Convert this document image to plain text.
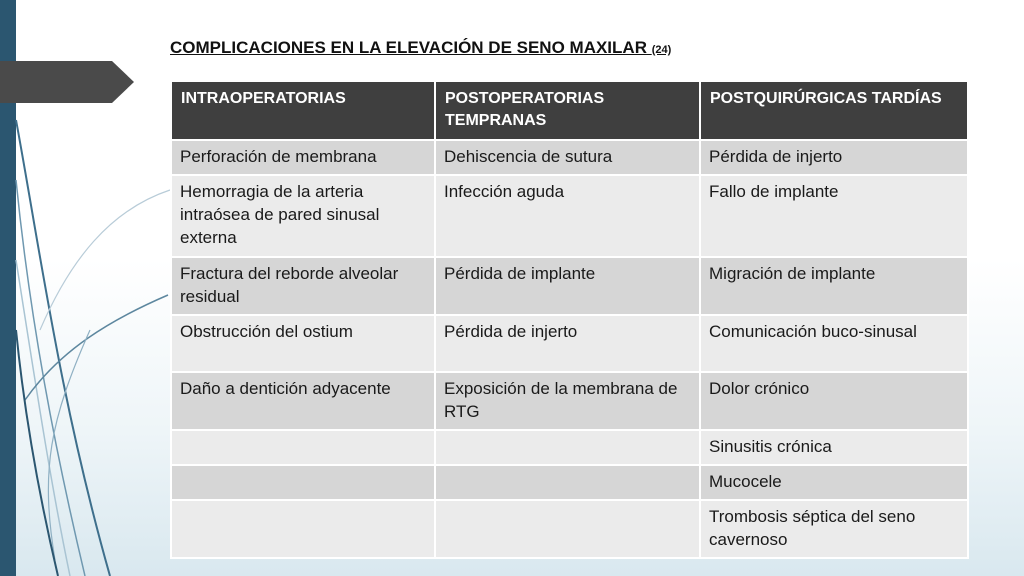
COMPLICACIONES EN LA ELEVACIÓN DE SENO MAXILAR (24)
INTRAOPERATORIAS	POSTOPERATORIAS TEMPRANAS	POSTQUIRÚRGICAS TARDÍAS
Perforación de membrana	Dehiscencia de sutura	Pérdida de injerto
Hemorragia de la arteria intraósea de pared sinusal externa	Infección aguda	Fallo de implante
Fractura del reborde alveolar residual	Pérdida de implante	Migración de implante
Obstrucción del ostium	Pérdida de injerto	Comunicación buco-sinusal
Daño a dentición adyacente	Exposición de la membrana de RTG	Dolor crónico
		Sinusitis crónica
		Mucocele
		Trombosis séptica del seno cavernoso
